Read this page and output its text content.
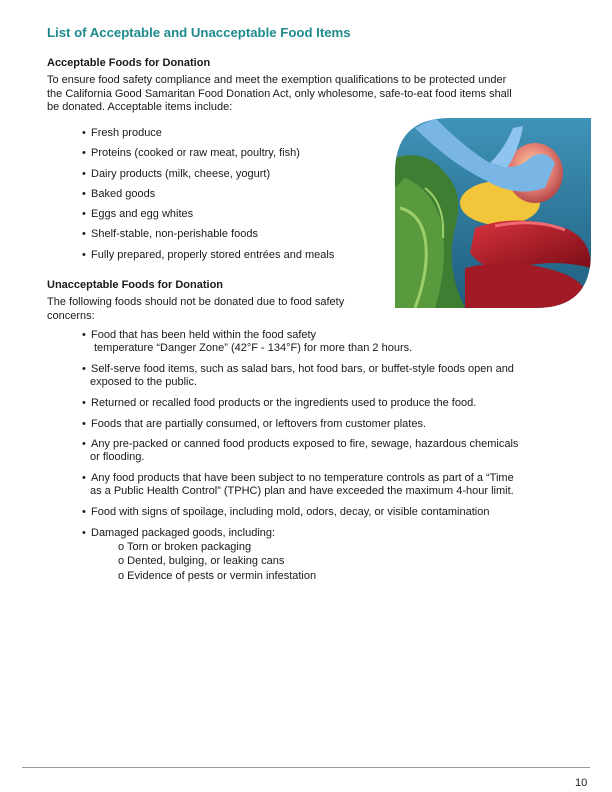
List of Acceptable and Unacceptable Food Items
Acceptable Foods for Donation

To ensure food safety compliance and meet the exemption qualifications to be protected under
the California Good Samaritan Food Donation Act, only wholesome, safe-to-eat food items shall
be donated. Acceptable items include:

• Fresh produce
• Proteins (cooked or raw meat, poultry, fish)
• Dairy products (milk, cheese, yogurt)
• Baked goods
• Eggs and egg whites
• Shelf-stable, non-perishable foods
• Fully prepared, properly stored entrées and meals
Unacceptable Foods for Donation

The following foods should not be donated due to food safety
concerns:

• Food that has been held within the food safety
temperature “Danger Zone” (42°F - 134°F) for more than 2 hours.
• Self-serve food items, such as salad bars, hot food bars, or buffet-style foods open and
exposed to the public.
• Returned or recalled food products or the ingredients used to produce the food.
• Foods that are partially consumed, or leftovers from customer plates.
• Any pre-packed or canned food products exposed to fire, sewage, hazardous chemicals
or flooding.
• Any food products that have been subject to no temperature controls as part of a “Time
as a Public Health Control” (TPHC) plan and have exceeded the maximum 4-hour limit.
• Food with signs of spoilage, including mold, odors, decay, or visible contamination
• Damaged packaged goods, including:
o Torn or broken packaging
o Dented, bulging, or leaking cans
o Evidence of pests or vermin infestation
10
